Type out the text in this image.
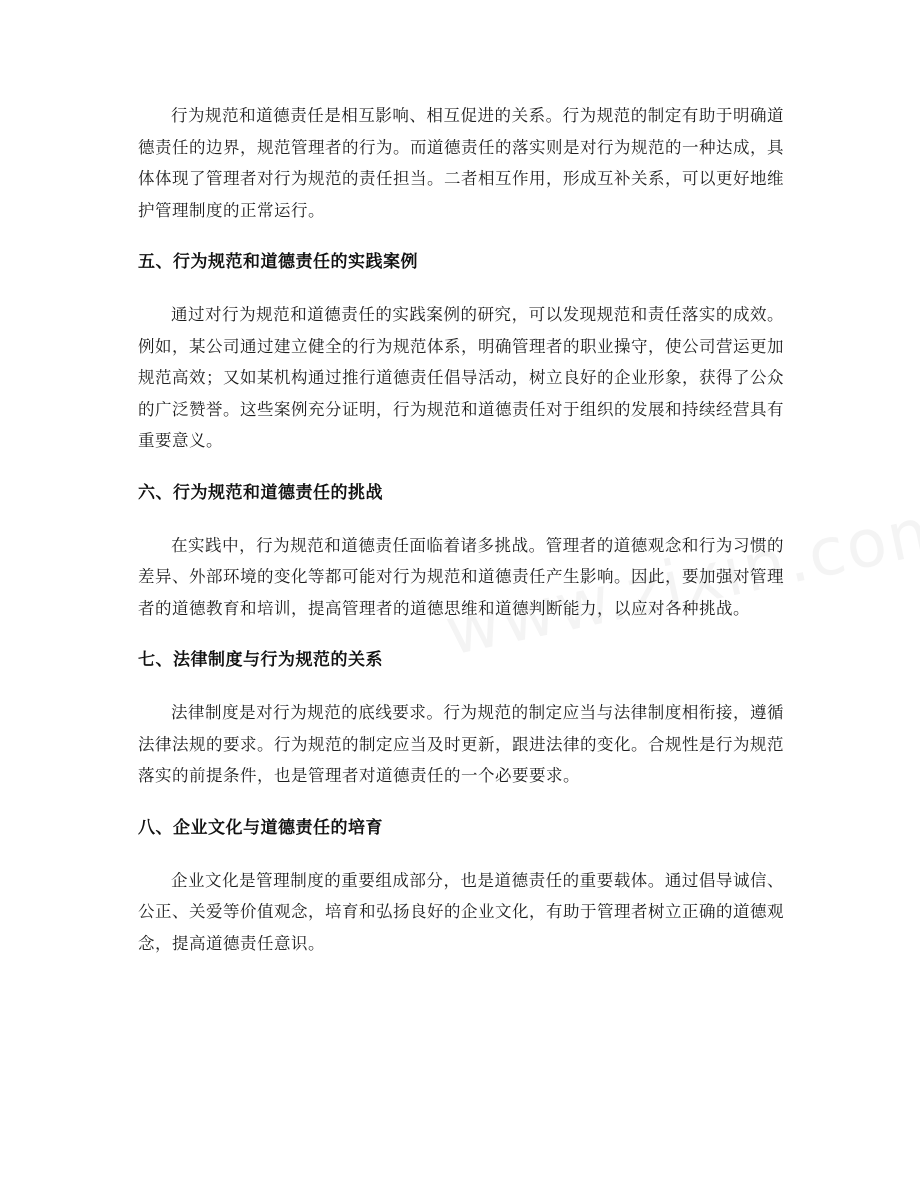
行为规范和道德责任是相互影响、相互促进的关系。行为规范的制定有助于明确道德责任的边界，规范管理者的行为。而道德责任的落实则是对行为规范的一种达成，具体体现了管理者对行为规范的责任担当。二者相互作用，形成互补关系，可以更好地维护管理制度的正常运行。

五、行为规范和道德责任的实践案例

通过对行为规范和道德责任的实践案例的研究，可以发现规范和责任落实的成效。例如，某公司通过建立健全的行为规范体系，明确管理者的职业操守，使公司营运更加规范高效；又如某机构通过推行道德责任倡导活动，树立良好的企业形象，获得了公众的广泛赞誉。这些案例充分证明，行为规范和道德责任对于组织的发展和持续经营具有重要意义。

六、行为规范和道德责任的挑战

在实践中，行为规范和道德责任面临着诸多挑战。管理者的道德观念和行为习惯的差异、外部环境的变化等都可能对行为规范和道德责任产生影响。因此，要加强对管理者的道德教育和培训，提高管理者的道德思维和道德判断能力，以应对各种挑战。

七、法律制度与行为规范的关系

法律制度是对行为规范的底线要求。行为规范的制定应当与法律制度相衔接，遵循法律法规的要求。行为规范的制定应当及时更新，跟进法律的变化。合规性是行为规范落实的前提条件，也是管理者对道德责任的一个必要要求。

八、企业文化与道德责任的培育

企业文化是管理制度的重要组成部分，也是道德责任的重要载体。通过倡导诚信、公正、关爱等价值观念，培育和弘扬良好的企业文化，有助于管理者树立正确的道德观念，提高道德责任意识。
